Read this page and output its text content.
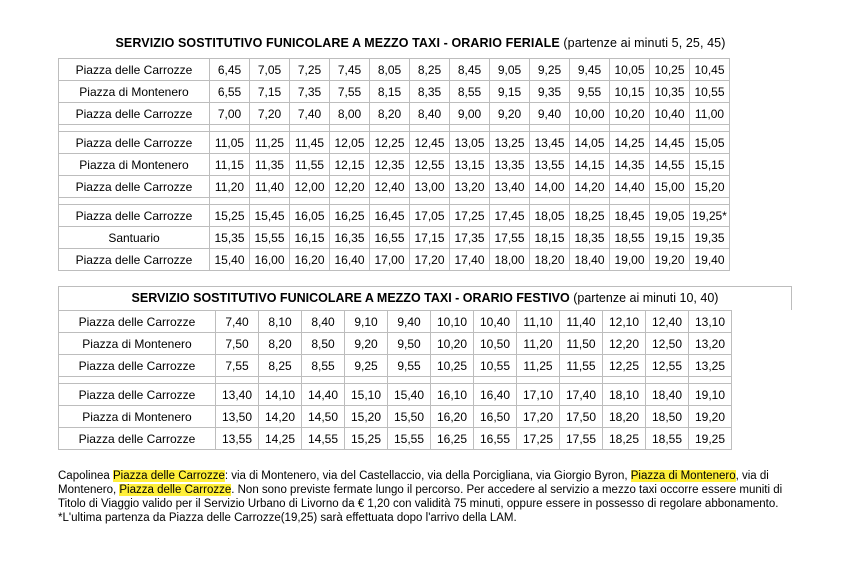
SERVIZIO SOSTITUTIVO FUNICOLARE A MEZZO TAXI - ORARIO FERIALE (partenze ai minuti 5, 25, 45)
Piazza delle Carrozze	6,45	7,05	7,25	7,45	8,05	8,25	8,45	9,05	9,25	9,45	10,05	10,25	10,45
Piazza di Montenero	6,55	7,15	7,35	7,55	8,15	8,35	8,55	9,15	9,35	9,55	10,15	10,35	10,55
Piazza delle Carrozze	7,00	7,20	7,40	8,00	8,20	8,40	9,00	9,20	9,40	10,00	10,20	10,40	11,00

Piazza delle Carrozze	11,05	11,25	11,45	12,05	12,25	12,45	13,05	13,25	13,45	14,05	14,25	14,45	15,05
Piazza di Montenero	11,15	11,35	11,55	12,15	12,35	12,55	13,15	13,35	13,55	14,15	14,35	14,55	15,15
Piazza delle Carrozze	11,20	11,40	12,00	12,20	12,40	13,00	13,20	13,40	14,00	14,20	14,40	15,00	15,20

Piazza delle Carrozze	15,25	15,45	16,05	16,25	16,45	17,05	17,25	17,45	18,05	18,25	18,45	19,05	19,25*
Santuario	15,35	15,55	16,15	16,35	16,55	17,15	17,35	17,55	18,15	18,35	18,55	19,15	19,35
Piazza delle Carrozze	15,40	16,00	16,20	16,40	17,00	17,20	17,40	18,00	18,20	18,40	19,00	19,20	19,40
SERVIZIO SOSTITUTIVO FUNICOLARE A MEZZO TAXI - ORARIO FESTIVO (partenze ai minuti 10, 40)
Piazza delle Carrozze	7,40	8,10	8,40	9,10	9,40	10,10	10,40	11,10	11,40	12,10	12,40	13,10
Piazza di Montenero	7,50	8,20	8,50	9,20	9,50	10,20	10,50	11,20	11,50	12,20	12,50	13,20
Piazza delle Carrozze	7,55	8,25	8,55	9,25	9,55	10,25	10,55	11,25	11,55	12,25	12,55	13,25

Piazza delle Carrozze	13,40	14,10	14,40	15,10	15,40	16,10	16,40	17,10	17,40	18,10	18,40	19,10
Piazza di Montenero	13,50	14,20	14,50	15,20	15,50	16,20	16,50	17,20	17,50	18,20	18,50	19,20
Piazza delle Carrozze	13,55	14,25	14,55	15,25	15,55	16,25	16,55	17,25	17,55	18,25	18,55	19,25
Capolinea Piazza delle Carrozze: via di Montenero, via del Castellaccio, via della Porcigliana, via Giorgio Byron, Piazza di Montenero, via di Montenero, Piazza delle Carrozze. Non sono previste fermate lungo il percorso. Per accedere al servizio a mezzo taxi occorre essere muniti di Titolo di Viaggio valido per il Servizio Urbano di Livorno da € 1,20 con validità 75 minuti, oppure essere in possesso di regolare abbonamento.
*L'ultima partenza da Piazza delle Carrozze(19,25) sarà effettuata dopo l'arrivo della LAM.
